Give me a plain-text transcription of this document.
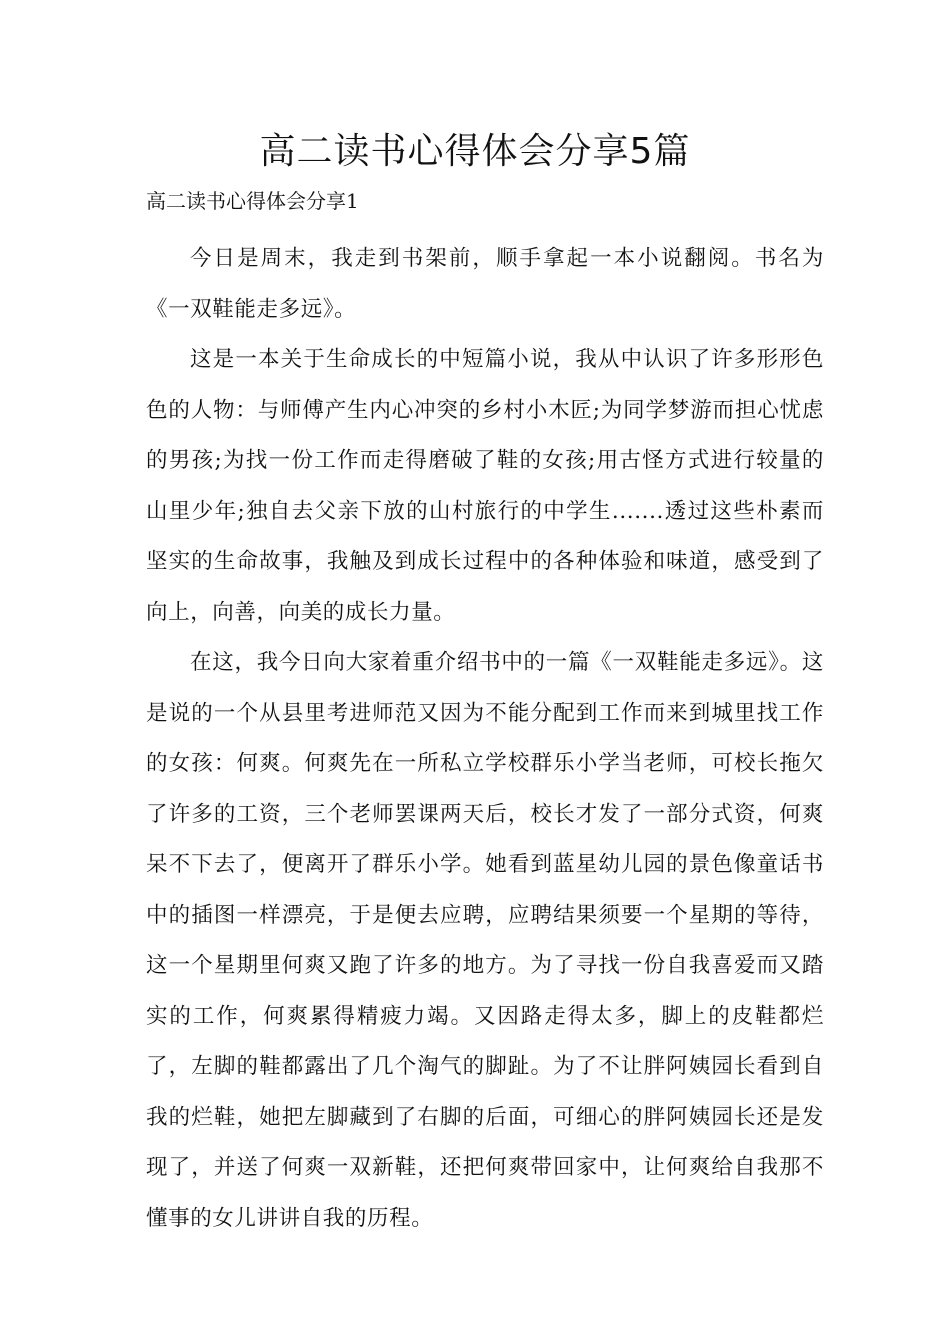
高二读书心得体会分享5篇

高二读书心得体会分享1

今日是周末，我走到书架前，顺手拿起一本小说翻阅。书名为《一双鞋能走多远》。

这是一本关于生命成长的中短篇小说，我从中认识了许多形形色色的人物：与师傅产生内心冲突的乡村小木匠;为同学梦游而担心忧虑的男孩;为找一份工作而走得磨破了鞋的女孩;用古怪方式进行较量的山里少年;独自去父亲下放的山村旅行的中学生.......透过这些朴素而坚实的生命故事，我触及到成长过程中的各种体验和味道，感受到了向上，向善，向美的成长力量。

在这，我今日向大家着重介绍书中的一篇《一双鞋能走多远》。这是说的一个从县里考进师范又因为不能分配到工作而来到城里找工作的女孩：何爽。何爽先在一所私立学校群乐小学当老师，可校长拖欠了许多的工资，三个老师罢课两天后，校长才发了一部分式资，何爽呆不下去了，便离开了群乐小学。她看到蓝星幼儿园的景色像童话书中的插图一样漂亮，于是便去应聘，应聘结果须要一个星期的等待，这一个星期里何爽又跑了许多的地方。为了寻找一份自我喜爱而又踏实的工作，何爽累得精疲力竭。又因路走得太多，脚上的皮鞋都烂了，左脚的鞋都露出了几个淘气的脚趾。为了不让胖阿姨园长看到自我的烂鞋，她把左脚藏到了右脚的后面，可细心的胖阿姨园长还是发现了，并送了何爽一双新鞋，还把何爽带回家中，让何爽给自我那不懂事的女儿讲讲自我的历程。
